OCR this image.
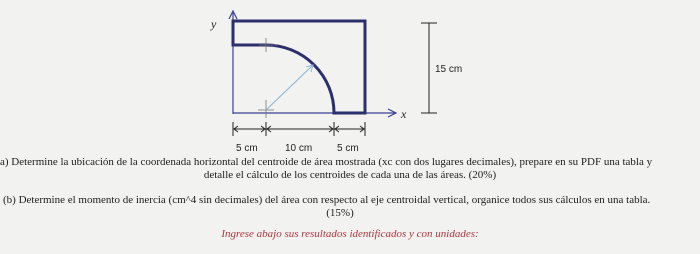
y
x
15 cm
5 cm	10 cm 5 cm

a) Determine la ubicación de la coordenada horizontal del centroide de área mostrada (xc con dos lugares decimales), prepare en su PDF una tabla y

detalle el cálculo de los centroides de cada una de las áreas. (20%)

(b) Determine el momento de inercia (cm^4 sin decimales) del área con respecto al eje centroidal vertical, organice todos sus cálculos en una tabla.

(15%)

Ingrese abajo sus resultados identificados y con unidades:
